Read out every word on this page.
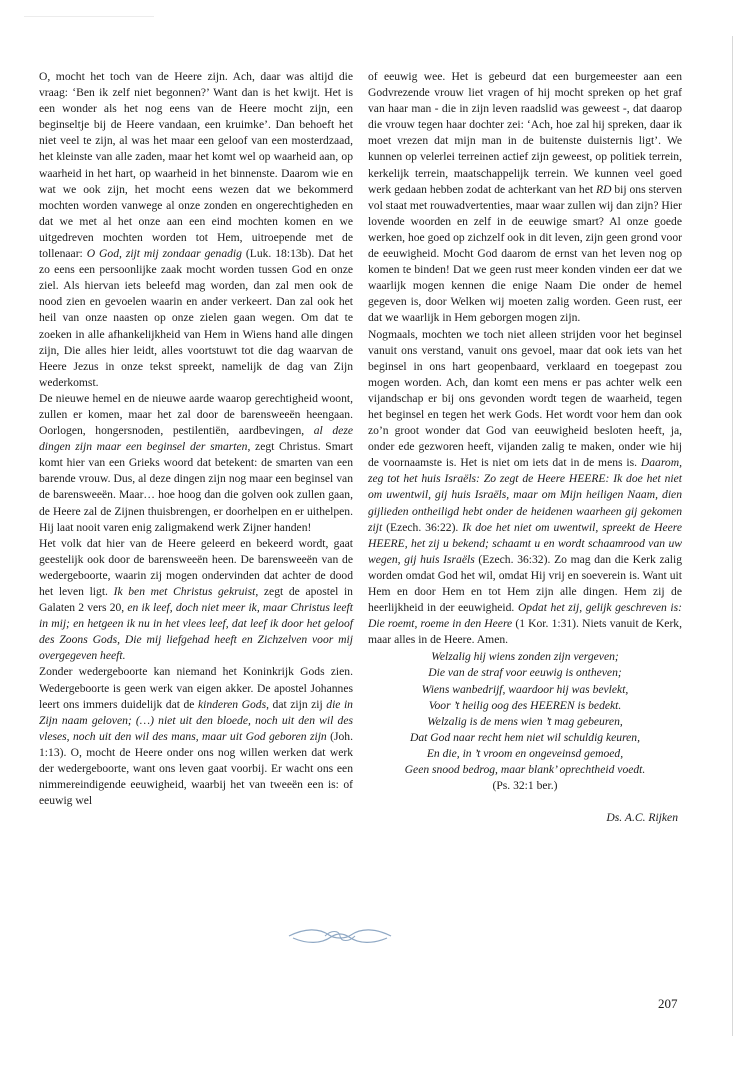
O, mocht het toch van de Heere zijn. Ach, daar was altijd die vraag: ‘Ben ik zelf niet begonnen?’ Want dan is het kwijt. Het is een wonder als het nog eens van de Heere mocht zijn, een beginseltje bij de Heere vandaan, een kruimke’. Dan behoeft het niet veel te zijn, al was het maar een geloof van een mosterdzaad, het kleinste van alle zaden, maar het komt wel op waarheid aan, op waarheid in het hart, op waarheid in het binnenste. Daarom wie en wat we ook zijn, het mocht eens wezen dat we bekommerd mochten worden vanwege al onze zonden en ongerechtigheden en dat we met al het onze aan een eind mochten komen en we uitgedreven mochten worden tot Hem, uitroepende met de tollenaar: O God, zijt mij zondaar genadig (Luk. 18:13b). Dat het zo eens een persoonlijke zaak mocht worden tussen God en onze ziel. Als hiervan iets beleefd mag worden, dan zal men ook de nood zien en gevoelen waarin en ander verkeert. Dan zal ook het heil van onze naasten op onze zielen gaan wegen. Om dat te zoeken in alle afhankelijkheid van Hem in Wiens hand alle dingen zijn, Die alles hier leidt, alles voortstuwt tot die dag waarvan de Heere Jezus in onze tekst spreekt, namelijk de dag van Zijn wederkomst.

De nieuwe hemel en de nieuwe aarde waarop gerechtigheid woont, zullen er komen, maar het zal door de barensweeën heengaan. Oorlogen, hongersnoden, pestilentiën, aardbevingen, al deze dingen zijn maar een beginsel der smarten, zegt Christus. Smart komt hier van een Grieks woord dat betekent: de smarten van een barende vrouw. Dus, al deze dingen zijn nog maar een beginsel van de barensweeën. Maar… hoe hoog dan die golven ook zullen gaan, de Heere zal de Zijnen thuisbrengen, er doorhelpen en er uithelpen. Hij laat nooit varen enig zaligmakend werk Zijner handen!

Het volk dat hier van de Heere geleerd en bekeerd wordt, gaat geestelijk ook door de barensweeën heen. De barensweeën van de wedergeboorte, waarin zij mogen ondervinden dat achter de dood het leven ligt. Ik ben met Christus gekruist, zegt de apostel in Galaten 2 vers 20, en ik leef, doch niet meer ik, maar Christus leeft in mij; en hetgeen ik nu in het vlees leef, dat leef ik door het geloof des Zoons Gods, Die mij liefgehad heeft en Zichzelven voor mij overgegeven heeft.

Zonder wedergeboorte kan niemand het Koninkrijk Gods zien. Wedergeboorte is geen werk van eigen akker. De apostel Johannes leert ons immers duidelijk dat de kinderen Gods, dat zijn zij die in Zijn naam geloven; (…) niet uit den bloede, noch uit den wil des vleses, noch uit den wil des mans, maar uit God geboren zijn (Joh. 1:13). O, mocht de Heere onder ons nog willen werken dat werk der wedergeboorte, want ons leven gaat voorbij. Er wacht ons een nimmereindigende eeuwigheid, waarbij het van tweeën een is: of eeuwig wel

of eeuwig wee. Het is gebeurd dat een burgemeester aan een Godvrezende vrouw liet vragen of hij mocht spreken op het graf van haar man - die in zijn leven raadslid was geweest -, dat daarop die vrouw tegen haar dochter zei: ‘Ach, hoe zal hij spreken, daar ik moet vrezen dat mijn man in de buitenste duisternis ligt’. We kunnen op velerlei terreinen actief zijn geweest, op politiek terrein, kerkelijk terrein, maatschappelijk terrein. We kunnen veel goed werk gedaan hebben zodat de achterkant van het RD bij ons sterven vol staat met rouwadvertenties, maar waar zullen wij dan zijn? Hier lovende woorden en zelf in de eeuwige smart? Al onze goede werken, hoe goed op zichzelf ook in dit leven, zijn geen grond voor de eeuwigheid. Mocht God daarom de ernst van het leven nog op komen te binden! Dat we geen rust meer konden vinden eer dat we waarlijk mogen kennen die enige Naam Die onder de hemel gegeven is, door Welken wij moeten zalig worden. Geen rust, eer dat we waarlijk in Hem geborgen mogen zijn.

Nogmaals, mochten we toch niet alleen strijden voor het beginsel vanuit ons verstand, vanuit ons gevoel, maar dat ook iets van het beginsel in ons hart geopenbaard, verklaard en toegepast zou mogen worden. Ach, dan komt een mens er pas achter welk een vijandschap er bij ons gevonden wordt tegen de waarheid, tegen het beginsel en tegen het werk Gods. Het wordt voor hem dan ook zo’n groot wonder dat God van eeuwigheid besloten heeft, ja, onder ede gezworen heeft, vijanden zalig te maken, onder wie hij de voornaamste is. Het is niet om iets dat in de mens is. Daarom, zeg tot het huis Israëls: Zo zegt de Heere HEERE: Ik doe het niet om uwentwil, gij huis Israëls, maar om Mijn heiligen Naam, dien gijlieden ontheiligd hebt onder de heidenen waarheen gij gekomen zijt (Ezech. 36:22). Ik doe het niet om uwentwil, spreekt de Heere HEERE, het zij u bekend; schaamt u en wordt schaamrood van uw wegen, gij huis Israëls (Ezech. 36:32). Zo mag dan die Kerk zalig worden omdat God het wil, omdat Hij vrij en soeverein is. Want uit Hem en door Hem en tot Hem zijn alle dingen. Hem zij de heerlijkheid in der eeuwigheid. Opdat het zij, gelijk geschreven is: Die roemt, roeme in den Heere (1 Kor. 1:31). Niets vanuit de Kerk, maar alles in de Heere. Amen.

Welzalig hij wiens zonden zijn vergeven;
Die van de straf voor eeuwig is ontheven;
Wiens wanbedrijf, waardoor hij was bevlekt,
Voor ’t heilig oog des HEEREN is bedekt.
Welzalig is de mens wien ’t mag gebeuren,
Dat God naar recht hem niet wil schuldig keuren,
En die, in ’t vroom en ongeveinsd gemoed,
Geen snood bedrog, maar blank’ oprechtheid voedt.
(Ps. 32:1 ber.)
Ds. A.C. Rijken
207
